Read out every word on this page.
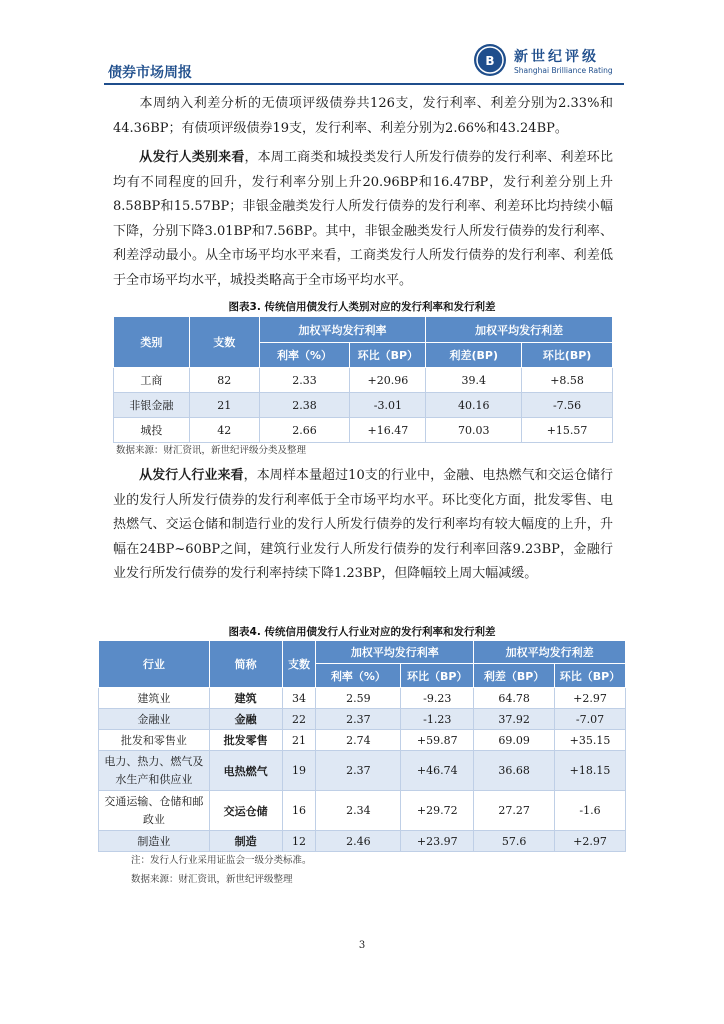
债券市场周报
B 新世纪评级
Shanghai Brilliance Rating
本周纳入利差分析的无债项评级债券共126支，发行利率、利差分别为2.33%和44.36BP；有债项评级债券19支，发行利率、利差分别为2.66%和43.24BP。
从发行人类别来看，本周工商类和城投类发行人所发行债券的发行利率、利差环比均有不同程度的回升，发行利率分别上升20.96BP和16.47BP，发行利差分别上升8.58BP和15.57BP；非银金融类发行人所发行债券的发行利率、利差环比均持续小幅下降，分别下降3.01BP和7.56BP。其中，非银金融类发行人所发行债券的发行利率、利差浮动最小。从全市场平均水平来看，工商类发行人所发行债券的发行利率、利差低于全市场平均水平，城投类略高于全市场平均水平。
图表3. 传统信用债发行人类别对应的发行利率和发行利差
类别	支数	加权平均发行利率		加权平均发行利差	
		利率（%）	环比（BP）	利差(BP)	环比(BP)
工商	82	2.33	+20.96	39.4	+8.58
非银金融	21	2.38	-3.01	40.16	-7.56
城投	42	2.66	+16.47	70.03	+15.57
数据来源：财汇资讯，新世纪评级分类及整理
从发行人行业来看，本周样本量超过10支的行业中，金融、电热燃气和交运仓储行业的发行人所发行债券的发行利率低于全市场平均水平。环比变化方面，批发零售、电热燃气、交运仓储和制造行业的发行人所发行债券的发行利率均有较大幅度的上升，升幅在24BP~60BP之间，建筑行业发行人所发行债券的发行利率回落9.23BP，金融行业发行所发行债券的发行利率持续下降1.23BP，但降幅较上周大幅减缓。
图表4. 传统信用债发行人行业对应的发行利率和发行利差
行业	简称	支数	加权平均发行利率		加权平均发行利差	
			利率（%）	环比（BP）	利差（BP）	环比（BP）
建筑业	建筑	34	2.59	-9.23	64.78	+2.97
金融业	金融	22	2.37	-1.23	37.92	-7.07
批发和零售业	批发零售	21	2.74	+59.87	69.09	+35.15
电力、热力、燃气及水生产和供应业	电热燃气	19	2.37	+46.74	36.68	+18.15
交通运输、仓储和邮政业	交运仓储	16	2.34	+29.72	27.27	-1.6
制造业	制造	12	2.46	+23.97	57.6	+2.97
注：发行人行业采用证监会一级分类标准。
数据来源：财汇资讯，新世纪评级整理
3
